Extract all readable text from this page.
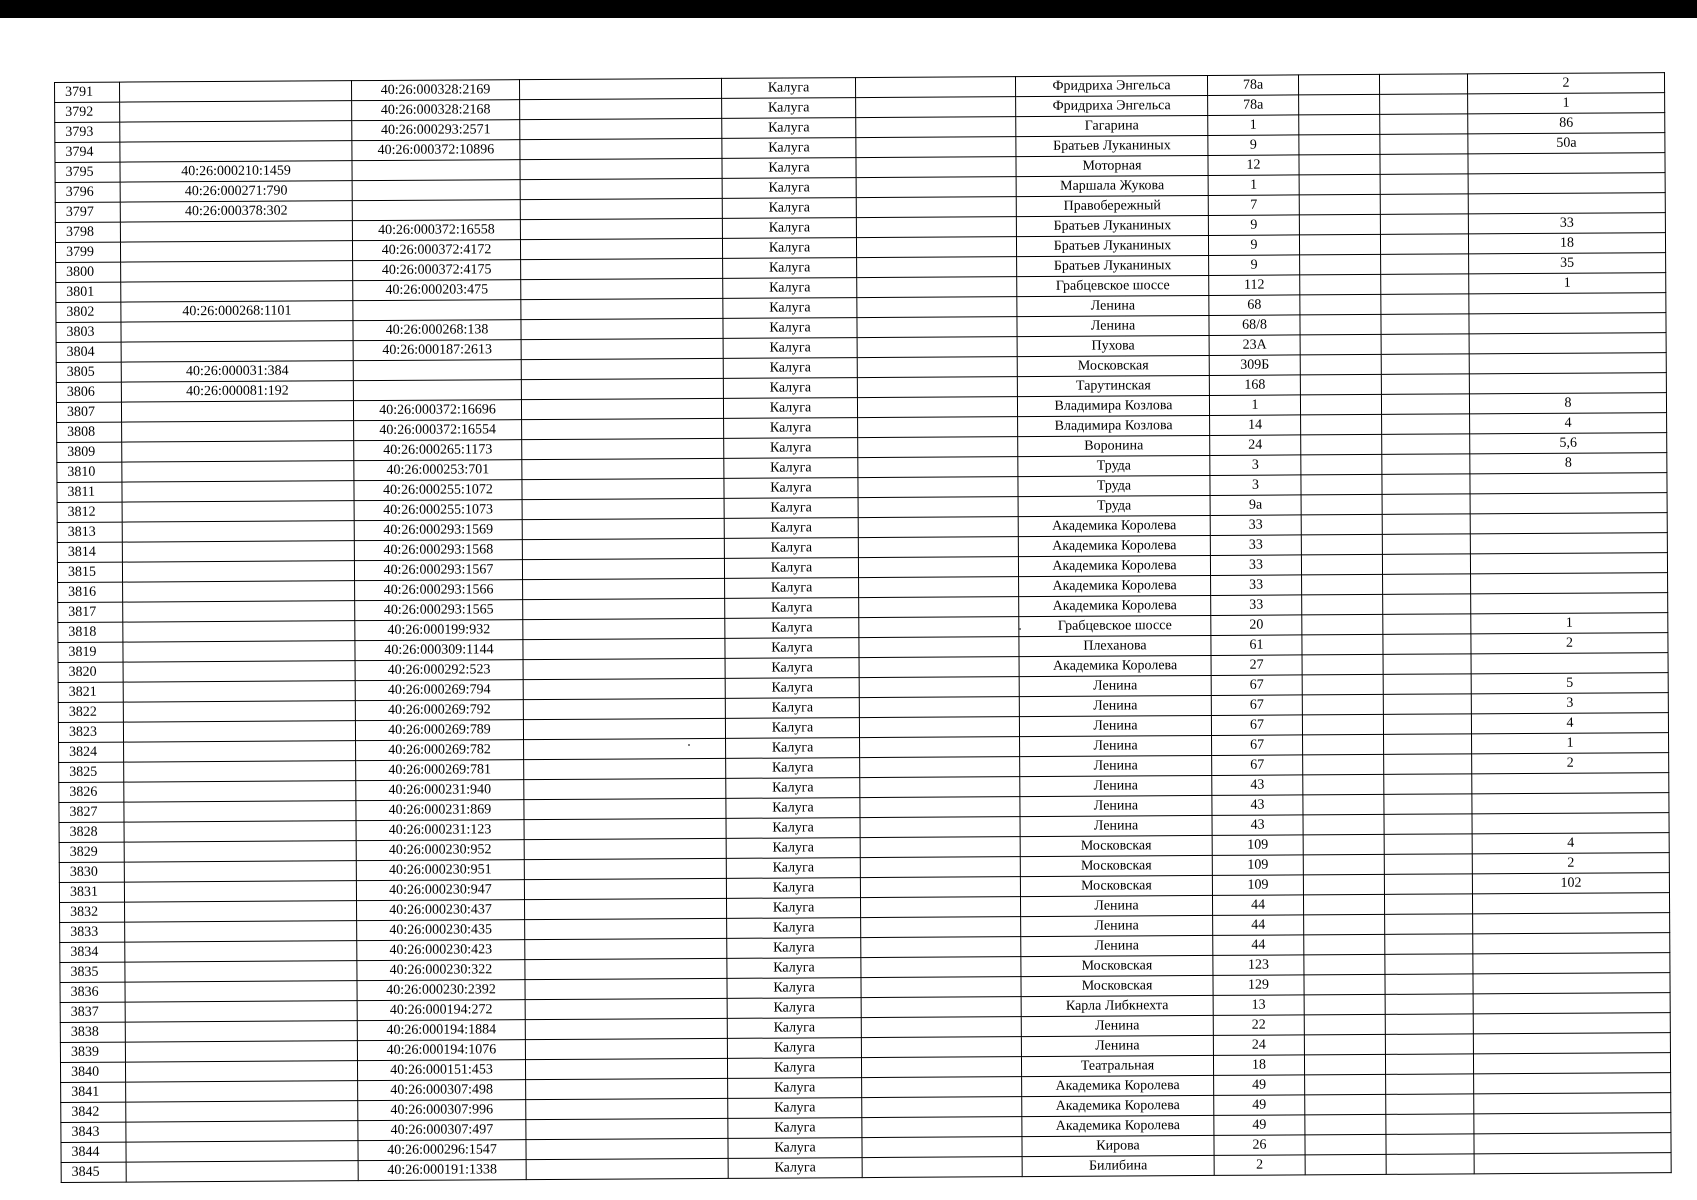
3791		40:26:000328:2169		Калуга		Фридриха Энгельса	78а			2
3792		40:26:000328:2168		Калуга		Фридриха Энгельса	78а			1
3793		40:26:000293:2571		Калуга		Гагарина	1			86
3794		40:26:000372:10896		Калуга		Братьев Луканиных	9			50а
3795	40:26:000210:1459			Калуга		Моторная	12			
3796	40:26:000271:790			Калуга		Маршала Жукова	1			
3797	40:26:000378:302			Калуга		Правобережный	7			
3798		40:26:000372:16558		Калуга		Братьев Луканиных	9			33
3799		40:26:000372:4172		Калуга		Братьев Луканиных	9			18
3800		40:26:000372:4175		Калуга		Братьев Луканиных	9			35
3801		40:26:000203:475		Калуга		Грабцевское шоссе	112			1
3802	40:26:000268:1101			Калуга		Ленина	68			
3803		40:26:000268:138		Калуга		Ленина	68/8			
3804		40:26:000187:2613		Калуга		Пухова	23А			
3805	40:26:000031:384			Калуга		Московская	309Б			
3806	40:26:000081:192			Калуга		Тарутинская	168			
3807		40:26:000372:16696		Калуга		Владимира Козлова	1			8
3808		40:26:000372:16554		Калуга		Владимира Козлова	14			4
3809		40:26:000265:1173		Калуга		Воронина	24			5,6
3810		40:26:000253:701		Калуга		Труда	3			8
3811		40:26:000255:1072		Калуга		Труда	3			
3812		40:26:000255:1073		Калуга		Труда	9а			
3813		40:26:000293:1569		Калуга		Академика Королева	33			
3814		40:26:000293:1568		Калуга		Академика Королева	33			
3815		40:26:000293:1567		Калуга		Академика Королева	33			
3816		40:26:000293:1566		Калуга		Академика Королева	33			
3817		40:26:000293:1565		Калуга		Академика Королева	33			
3818		40:26:000199:932		Калуга		Грабцевское шоссе	20			1
3819		40:26:000309:1144		Калуга		Плеханова	61			2
3820		40:26:000292:523		Калуга		Академика Королева	27			
3821		40:26:000269:794		Калуга		Ленина	67			5
3822		40:26:000269:792		Калуга		Ленина	67			3
3823		40:26:000269:789		Калуга		Ленина	67			4
3824		40:26:000269:782		Калуга		Ленина	67			1
3825		40:26:000269:781		Калуга		Ленина	67			2
3826		40:26:000231:940		Калуга		Ленина	43			
3827		40:26:000231:869		Калуга		Ленина	43			
3828		40:26:000231:123		Калуга		Ленина	43			
3829		40:26:000230:952		Калуга		Московская	109			4
3830		40:26:000230:951		Калуга		Московская	109			2
3831		40:26:000230:947		Калуга		Московская	109			102
3832		40:26:000230:437		Калуга		Ленина	44			
3833		40:26:000230:435		Калуга		Ленина	44			
3834		40:26:000230:423		Калуга		Ленина	44			
3835		40:26:000230:322		Калуга		Московская	123			
3836		40:26:000230:2392		Калуга		Московская	129			
3837		40:26:000194:272		Калуга		Карла Либкнехта	13			
3838		40:26:000194:1884		Калуга		Ленина	22			
3839		40:26:000194:1076		Калуга		Ленина	24			
3840		40:26:000151:453		Калуга		Театральная	18			
3841		40:26:000307:498		Калуга		Академика Королева	49			
3842		40:26:000307:996		Калуга		Академика Королева	49			
3843		40:26:000307:497		Калуга		Академика Королева	49			
3844		40:26:000296:1547		Калуга		Кирова	26			
3845		40:26:000191:1338		Калуга		Билибина	2			
